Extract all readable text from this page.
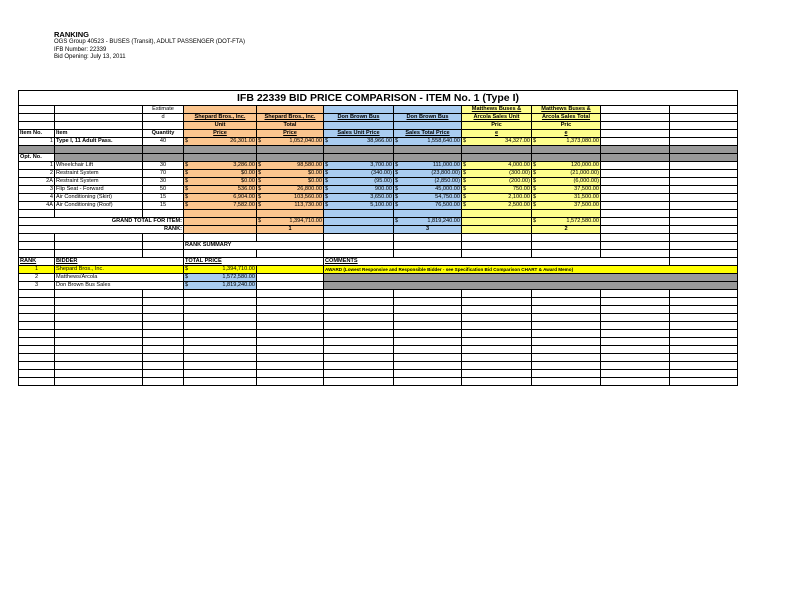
RANKING
OGS Group 40523 - BUSES (Transit), ADULT PASSENGER (DOT-FTA)
IFB Number: 22339
Bid Opening: July 13, 2011
IFB 22339 BID PRICE COMPARISON - ITEM No. 1 (Type I)										
		Estimate					Matthews Buses &	Matthews Buses &		
		d	Shepard Bros., Inc.	Shepard Bros., Inc.	Don Brown Bus	Don Brown Bus	Arcola Sales Unit	Arcola Sales Total		
			Unit	Total			Pric	Pric		
Item No.	Item	Quantity	Price	Price	Sales Unit Price	Sales Total Price	e	e		
1	Type I, 11 Adult Pass.	40	$ 26,301.00	$ 1,052,040.00	$ 38,966.00	$ 1,558,640.00	$ 34,327.00	$ 1,373,080.00		

Opt. No.										
1	Wheelchair Lift	30	$ 3,286.00	$ 98,580.00	$ 3,700.00	$ 111,000.00	$ 4,000.00	$ 120,000.00		

2	Restraint System	70	$ $0.00	$ $0.00	$ (340.00)	$ (23,800.00)	$ (300.00)	$ (21,000.00)		

2A	Restraint System	30	$ $0.00	$ $0.00	$ (95.00)	$ (2,850.00)	$ (200.00)	$ (6,000.00)		

3	Flip Seat - Forward	50	$ 536.00	$ 26,800.00	$ 900.00	$ 45,000.00	$ 750.00	$ 37,500.00		

4	Air Conditioning (Skirt)	15	$ 6,904.00	$ 103,560.00	$ 3,650.00	$ 54,750.00	$ 2,100.00	$ 31,500.00		

4A	Air Conditioning (Roof)	15	$ 7,582.00	$ 113,730.00	$ 5,100.00	$ 76,500.00	$ 2,500.00	$ 37,500.00		

GRAND TOTAL FOR ITEM:				$ 1,394,710.00		$ 1,819,240.00		$ 1,572,580.00		

RANK:				1		3		2		

			RANK SUMMARY							

RANK	BIDDER		TOTAL PRICE		COMMENTS					
1	Shepard Bros., Inc.		$ 1,394,710.00		AWARD (Lowest Responsive and Responsible Bidder - see Specification Bid Comparison CHART & Award Memo)					
2	Matthews/Arcola		$ 1,572,580.00							

3	Don Brown Bus Sales		$ 1,819,240.00							
